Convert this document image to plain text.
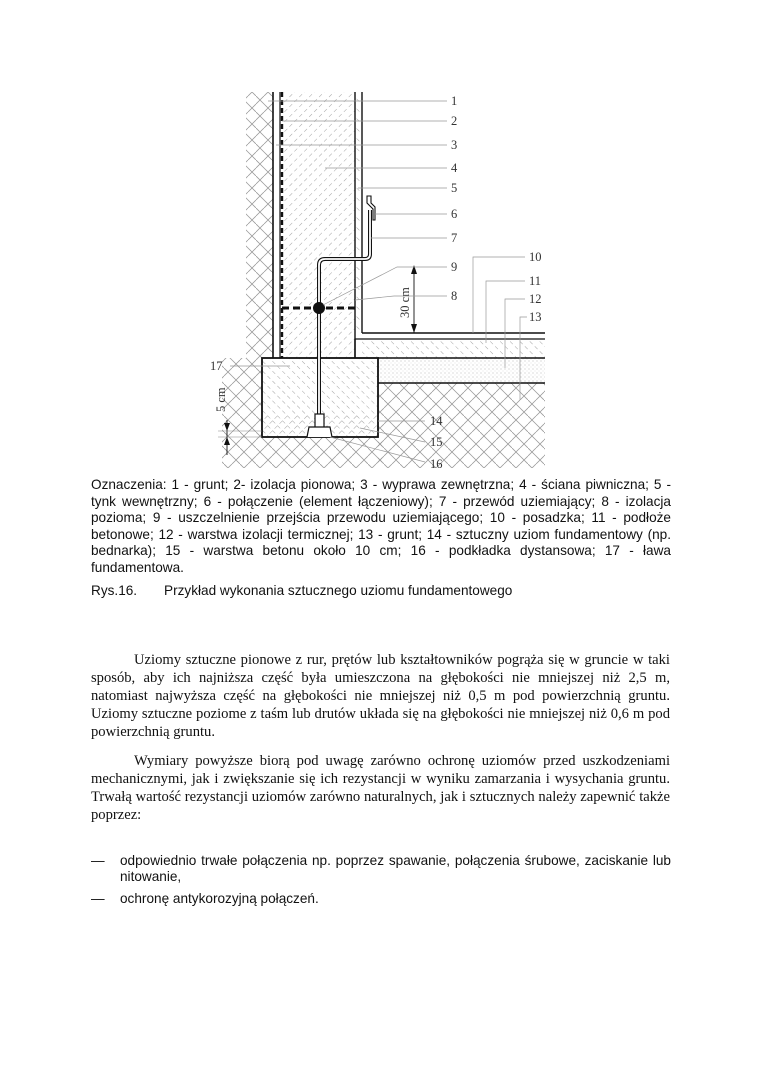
30 cm
5 cm
1
2
3
4
5
6
7
9
8
10
11
12
13
14
15
16
17
Oznaczenia: 1 - grunt; 2- izolacja pionowa; 3 - wyprawa zewnętrzna; 4 - ściana piwniczna; 5 - tynk wewnętrzny; 6 - połączenie (element łączeniowy); 7 - przewód uziemiający; 8 - izolacja pozioma; 9 - uszczelnienie przejścia przewodu uziemiającego; 10 - posadzka; 11 - podłoże betonowe; 12 - warstwa izolacji termicznej; 13 - grunt; 14 - sztuczny uziom fundamentowy (np. bednarka); 15 - warstwa betonu około 10 cm; 16 - podkładka dystansowa; 17 - ława fundamentowa.
Rys.16. Przykład wykonania sztucznego uziomu fundamentowego

Uziomy sztuczne pionowe z rur, prętów lub kształtowników pogrąża się w gruncie w taki sposób, aby ich najniższa część była umieszczona na głębokości nie mniejszej niż 2,5 m, natomiast najwyższa część na głębokości nie mniejszej niż 0,5 m pod powierzchnią gruntu. Uziomy sztuczne poziome z taśm lub drutów układa się na głębokości nie mniejszej niż 0,6 m pod powierzchnią gruntu.

Wymiary powyższe biorą pod uwagę zarówno ochronę uziomów przed uszkodzeniami mechanicznymi, jak i zwiększanie się ich rezystancji w wyniku zamarzania i wysychania gruntu. Trwałą wartość rezystancji uziomów zarówno naturalnych, jak i sztucznych należy zapewnić także poprzez:

— odpowiednio trwałe połączenia np. poprzez spawanie, połączenia śrubowe, zaciskanie lub nitowanie,
— ochronę antykorozyjną połączeń.
